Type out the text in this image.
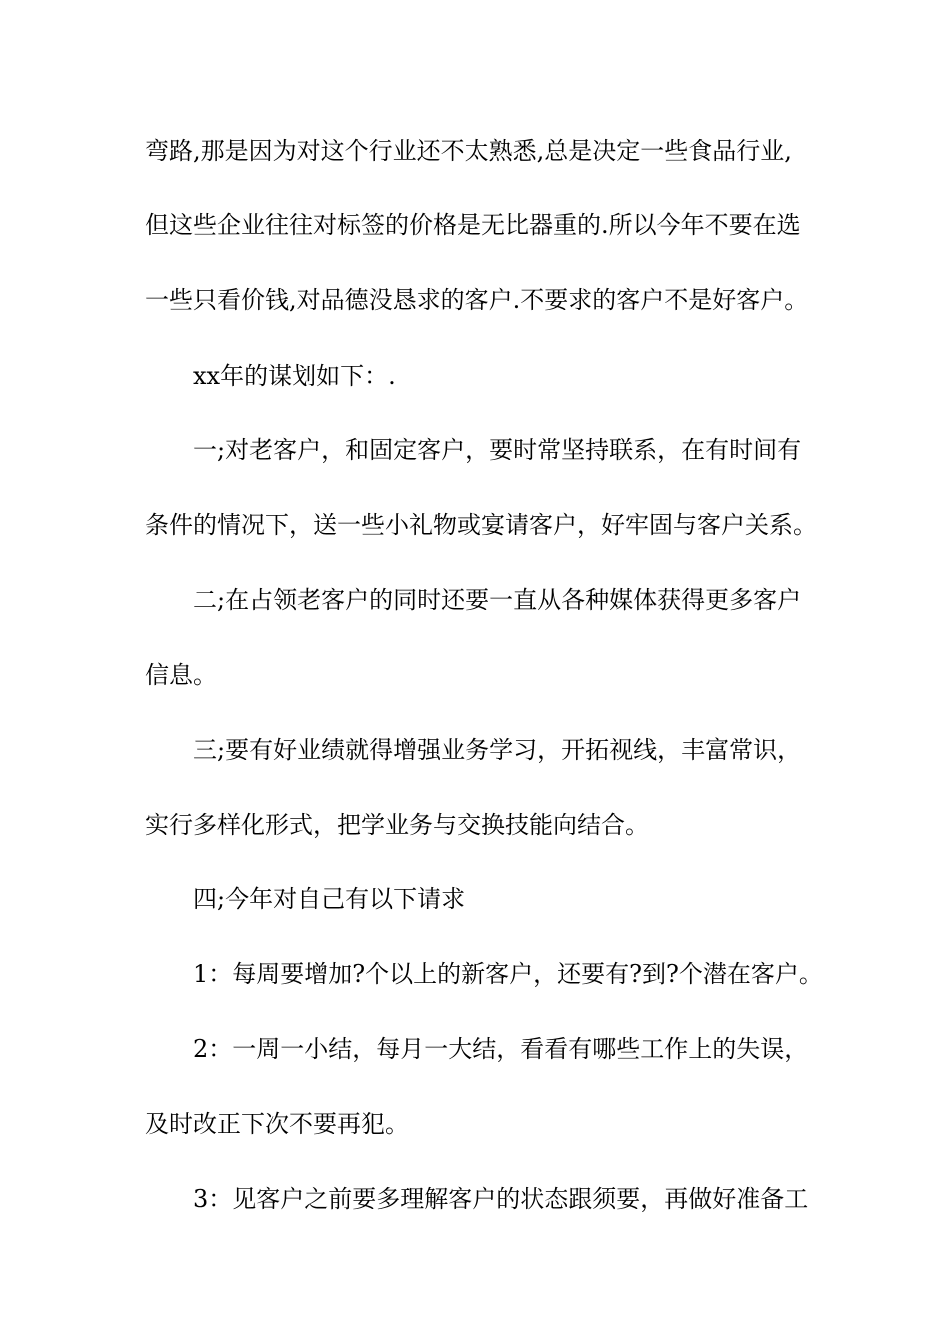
弯路,那是因为对这个行业还不太熟悉,总是决定一些食品行业,
但这些企业往往对标签的价格是无比器重的.所以今年不要在选
一些只看价钱,对品德没恳求的客户.不要求的客户不是好客户。
xx年的谋划如下：.
一;对老客户，和固定客户，要时常坚持联系，在有时间有
条件的情况下，送一些小礼物或宴请客户，好牢固与客户关系。
二;在占领老客户的同时还要一直从各种媒体获得更多客户
信息。
三;要有好业绩就得增强业务学习，开拓视线，丰富常识，
实行多样化形式，把学业务与交换技能向结合。
四;今年对自己有以下请求
1：每周要增加?个以上的新客户，还要有?到?个潜在客户。
2：一周一小结，每月一大结，看看有哪些工作上的失误，
及时改正下次不要再犯。
3：见客户之前要多理解客户的状态跟须要，再做好准备工
